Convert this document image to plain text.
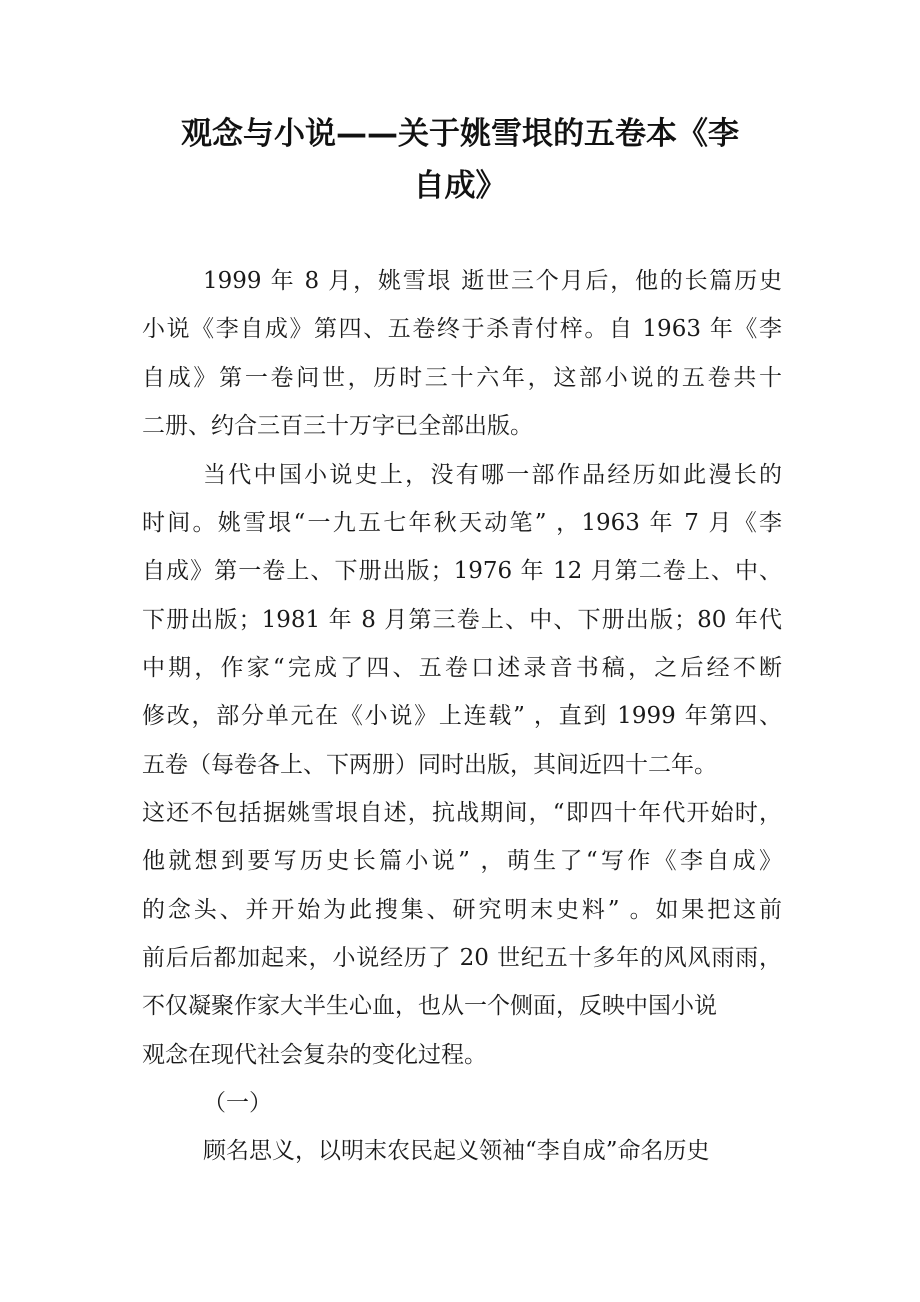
观念与小说——关于姚雪垠的五卷本《李
自成》

1999 年 8 月，姚雪垠 逝世三个月后，他的长篇历史

小说《李自成》第四、五卷终于杀青付梓。自 1963 年《李

自成》第一卷问世，历时三十六年，这部小说的五卷共十

二册、约合三百三十万字已全部出版。

当代中国小说史上，没有哪一部作品经历如此漫长的

时间。姚雪垠“一九五七年秋天动笔” ，1963 年 7 月《李

自成》第一卷上、下册出版；1976 年 12 月第二卷上、中、

下册出版；1981 年 8 月第三卷上、中、下册出版；80 年代

中期，作家“完成了四、五卷口述录音书稿，之后经不断

修改，部分单元在《小说》上连载” ，直到 1999 年第四、

五卷（每卷各上、下两册）同时出版，其间近四十二年。

这还不包括据姚雪垠自述，抗战期间，“即四十年代开始时，

他就想到要写历史长篇小说” ，萌生了“写作《李自成》

的念头、并开始为此搜集、研究明末史料” 。如果把这前

前后后都加起来，小说经历了 20 世纪五十多年的风风雨雨，

不仅凝聚作家大半生心血，也从一个侧面，反映中国小说

观念在现代社会复杂的变化过程。

（一）

顾名思义，以明末农民起义领袖“李自成”命名历史
